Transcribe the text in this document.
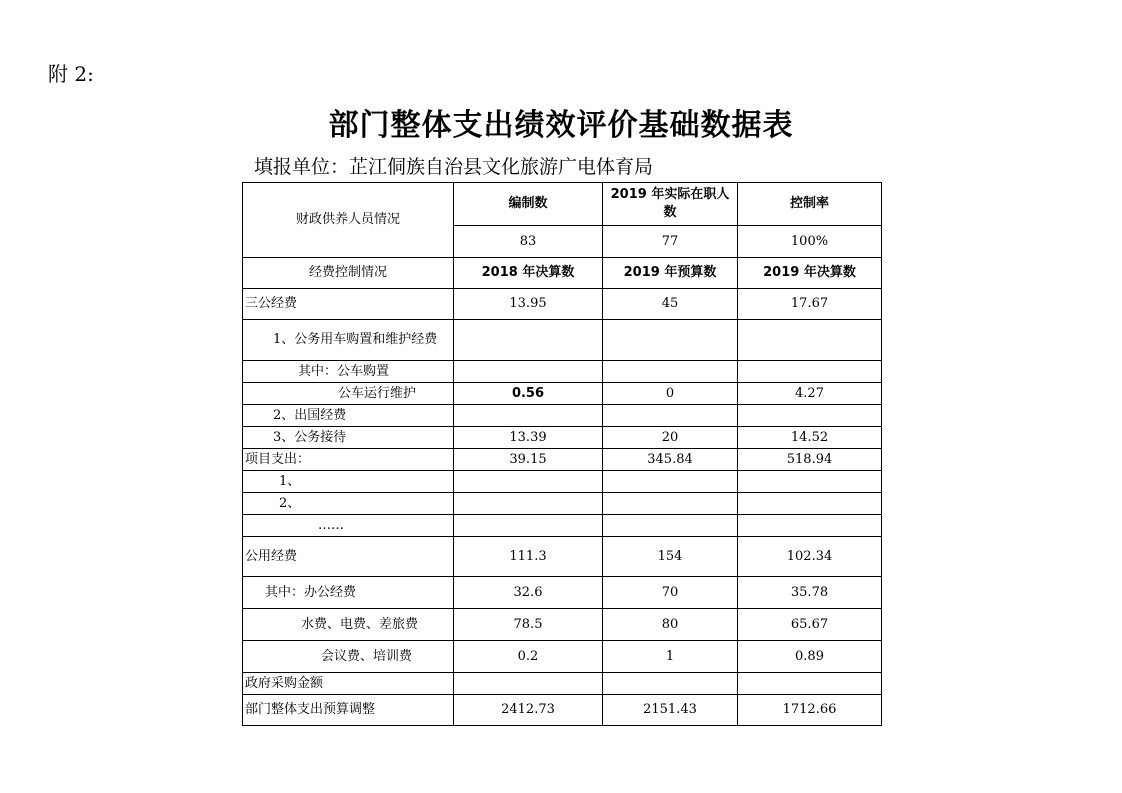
附 2:
部门整体支出绩效评价基础数据表
填报单位：芷江侗族自治县文化旅游广电体育局
财政供养人员情况	编制数	2019 年实际在职人数	控制率
	83	77	100%
经费控制情况	2018 年决算数	2019 年预算数	2019 年决算数
三公经费	13.95	45	17.67
1、公务用车购置和维护经费			
其中：公车购置			
公车运行维护	0.56	0	4.27
2、出国经费			
3、公务接待	13.39	20	14.52
项目支出：	39.15	345.84	518.94
1、			
2、			
……			
公用经费	111.3	154	102.34
其中：办公经费	32.6	70	35.78
水费、电费、差旅费	78.5	80	65.67
会议费、培训费	0.2	1	0.89
政府采购金额			
部门整体支出预算调整	2412.73	2151.43	1712.66
